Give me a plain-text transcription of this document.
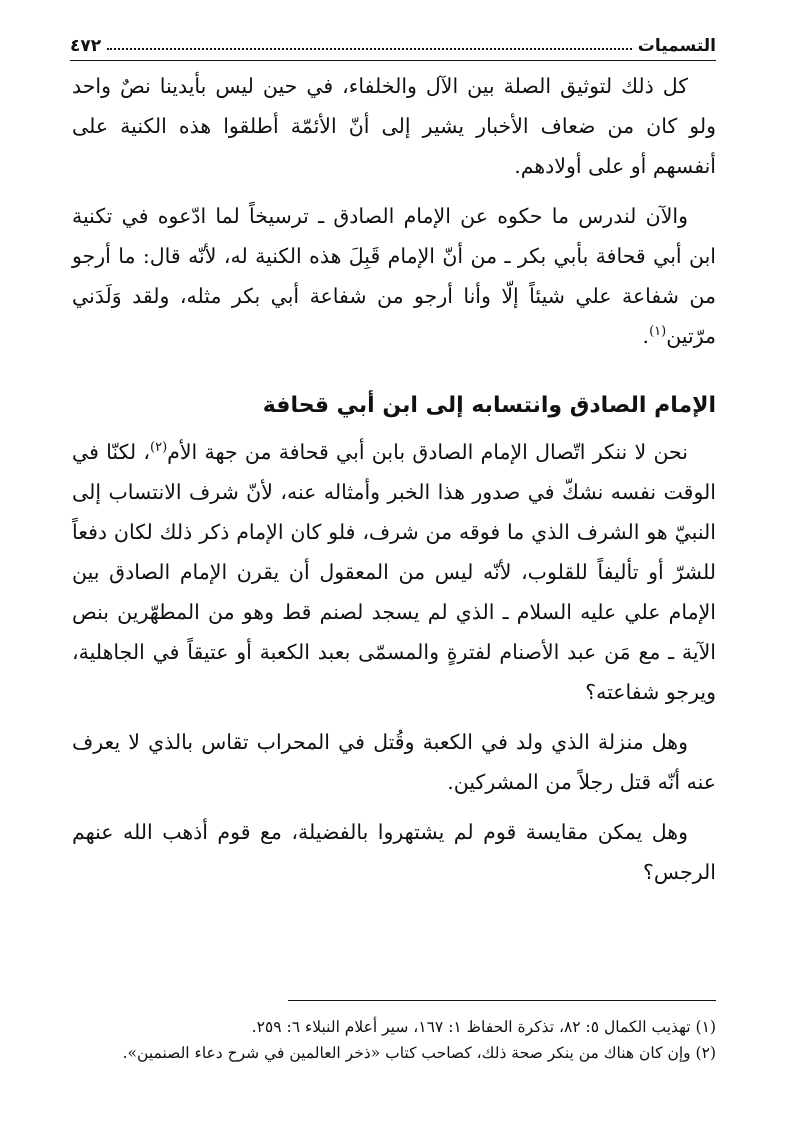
التسميات
٤٧٢

كل ذلك لتوثيق الصلة بين الآل والخلفاء، في حين ليس بأيدينا نصٌ واحد ولو كان من ضعاف الأخبار يشير إلى أنّ الأئمّة أطلقوا هذه الكنية على أنفسهم أو على أولادهم.

والآن لندرس ما حكوه عن الإمام الصادق ـ ترسيخاً لما ادّعوه في تكنية ابن أبي قحافة بأبي بكر ـ من أنّ الإمام قَبِلَ هذه الكنية له، لأنّه قال: ما أرجو من شفاعة علي شيئاً إلّا وأنا أرجو من شفاعة أبي بكر مثله، ولقد وَلَدَني مرّتين$^{(١)}$.

الإمام الصادق وانتسابه إلى ابن أبي قحافة

نحن لا ننكر اتّصال الإمام الصادق بابن أبي قحافة من جهة الأم$^{(٢)}$، لكنّا في الوقت نفسه نشكّ في صدور هذا الخبر وأمثاله عنه، لأنّ شرف الانتساب إلى النبيّ هو الشرف الذي ما فوقه من شرف، فلو كان الإمام ذكر ذلك لكان دفعاً للشرّ أو تأليفاً للقلوب، لأنّه ليس من المعقول أن يقرن الإمام الصادق بين الإمام علي عليه السلام ـ الذي لم يسجد لصنم قط وهو من المطهّرين بنص الآية ـ مع مَن عبد الأصنام لفترةٍ والمسمّى بعبد الكعبة أو عتيقاً في الجاهلية، ويرجو شفاعته؟

وهل منزلة الذي ولد في الكعبة وقُتل في المحراب تقاس بالذي لا يعرف عنه أنّه قتل رجلاً من المشركين.

وهل يمكن مقايسة قوم لم يشتهروا بالفضيلة، مع قوم أذهب الله عنهم الرجس؟

(١) تهذيب الكمال ٥: ٨٢، تذكرة الحفاظ ١: ١٦٧، سير أعلام النبلاء ٦: ٢٥٩.
(٢) وإن كان هناك من ينكر صحة ذلك، كصاحب كتاب «ذخر العالمين في شرح دعاء الصنمين».
